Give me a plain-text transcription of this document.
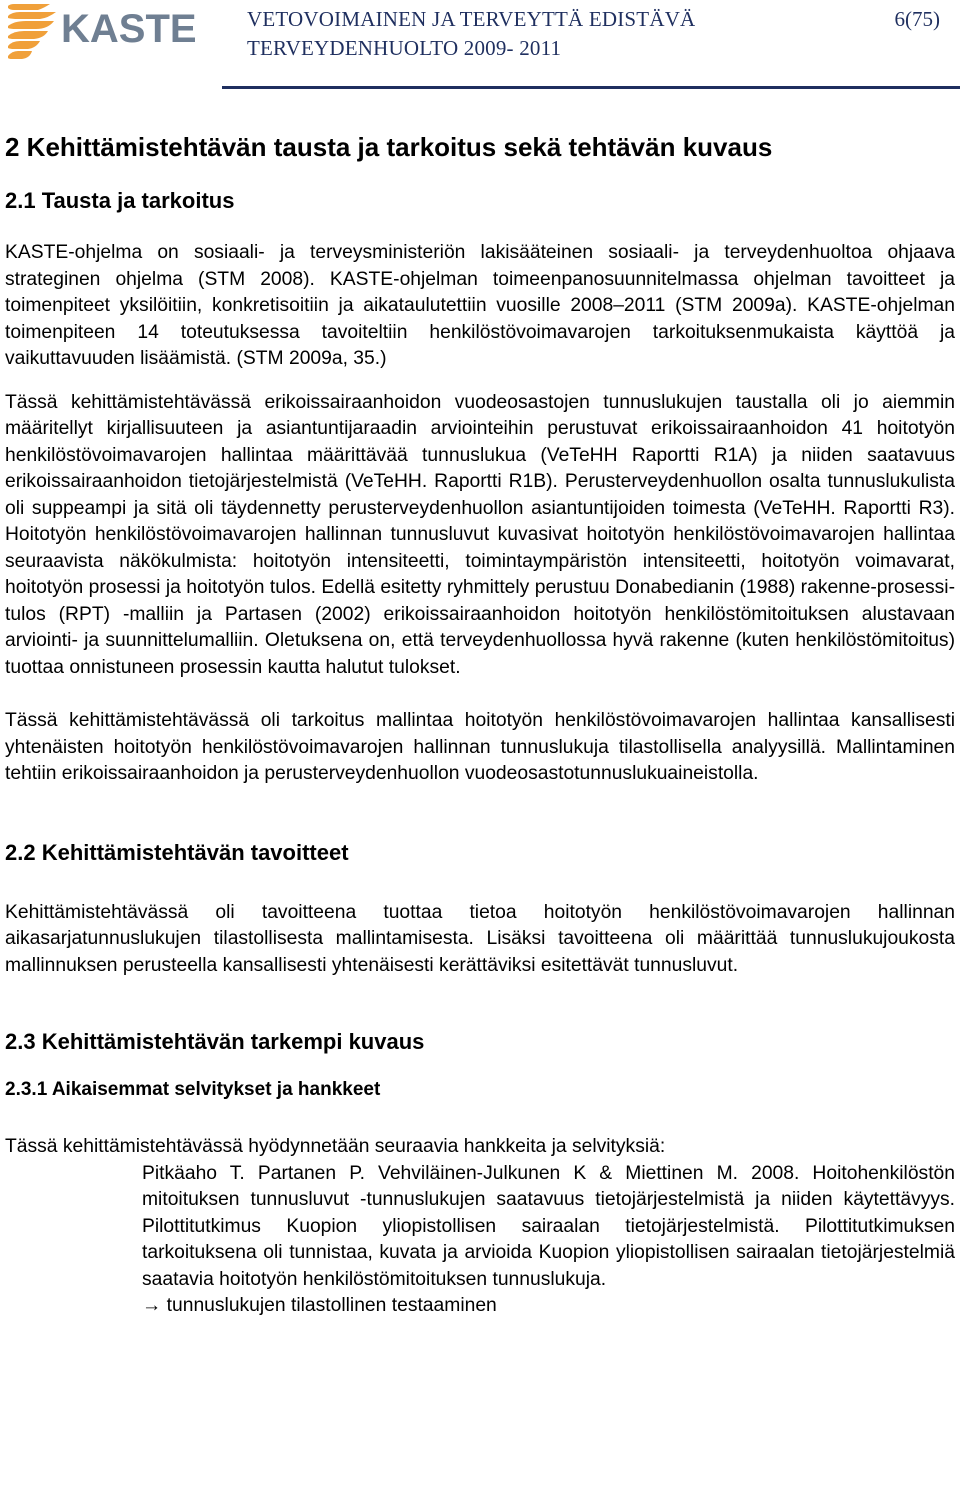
KASTE VETOVOIMAINEN JA TERVEYTTÄ EDISTÄVÄ
TERVEYDENHUOLTO 2009- 2011
6(75)
2 Kehittämistehtävän tausta ja tarkoitus sekä tehtävän kuvaus
2.1 Tausta ja tarkoitus

KASTE-ohjelma on sosiaali- ja terveysministeriön lakisääteinen sosiaali- ja terveydenhuoltoa ohjaava strateginen ohjelma (STM 2008). KASTE-ohjelman toimeenpanosuunnitelmassa ohjelman tavoitteet ja toimenpiteet yksilöitiin, konkretisoitiin ja aikataulutettiin vuosille 2008–2011 (STM 2009a). KASTE-ohjelman toimenpiteen 14 toteutuksessa tavoiteltiin henkilöstövoimavarojen tarkoituksenmukaista käyttöä ja vaikuttavuuden lisäämistä. (STM 2009a, 35.)

Tässä kehittämistehtävässä erikoissairaanhoidon vuodeosastojen tunnuslukujen taustalla oli jo aiemmin määritellyt kirjallisuuteen ja asiantuntijaraadin arviointeihin perustuvat erikoissairaanhoidon 41 hoitotyön henkilöstövoimavarojen hallintaa määrittävää tunnuslukua (VeTeHH Raportti R1A) ja niiden saatavuus erikoissairaanhoidon tietojärjestelmistä (VeTeHH. Raportti R1B). Perusterveydenhuollon osalta tunnuslukulista oli suppeampi ja sitä oli täydennetty perusterveydenhuollon asiantuntijoiden toimesta (VeTeHH. Raportti R3). Hoitotyön henkilöstövoimavarojen hallinnan tunnusluvut kuvasivat hoitotyön henkilöstövoimavarojen hallintaa seuraavista näkökulmista: hoitotyön intensiteetti, toimintaympäristön intensiteetti, hoitotyön voimavarat, hoitotyön prosessi ja hoitotyön tulos. Edellä esitetty ryhmittely perustuu Donabedianin (1988) rakenne-prosessi-tulos (RPT) -malliin ja Partasen (2002) erikoissairaanhoidon hoitotyön henkilöstömitoituksen alustavaan arviointi- ja suunnittelumalliin. Oletuksena on, että terveydenhuollossa hyvä rakenne (kuten henkilöstömitoitus) tuottaa onnistuneen prosessin kautta halutut tulokset.

Tässä kehittämistehtävässä oli tarkoitus mallintaa hoitotyön henkilöstövoimavarojen hallintaa kansallisesti yhtenäisten hoitotyön henkilöstövoimavarojen hallinnan tunnuslukuja tilastollisella analyysillä. Mallintaminen tehtiin erikoissairaanhoidon ja perusterveydenhuollon vuodeosastotunnuslukuaineistolla.

2.2 Kehittämistehtävän tavoitteet

Kehittämistehtävässä oli tavoitteena tuottaa tietoa hoitotyön henkilöstövoimavarojen hallinnan aikasarjatunnuslukujen tilastollisesta mallintamisesta. Lisäksi tavoitteena oli määrittää tunnuslukujoukosta mallinnuksen perusteella kansallisesti yhtenäisesti kerättäviksi esitettävät tunnusluvut.

2.3 Kehittämistehtävän tarkempi kuvaus
2.3.1 Aikaisemmat selvitykset ja hankkeet

Tässä kehittämistehtävässä hyödynnetään seuraavia hankkeita ja selvityksiä:

Pitkäaho T. Partanen P. Vehviläinen-Julkunen K & Miettinen M. 2008. Hoitohenkilöstön mitoituksen tunnusluvut -tunnuslukujen saatavuus tietojärjestelmistä ja niiden käytettävyys. Pilottitutkimus Kuopion yliopistollisen sairaalan tietojärjestelmistä. Pilottitutkimuksen tarkoituksena oli tunnistaa, kuvata ja arvioida Kuopion yliopistollisen sairaalan tietojärjestelmiä saatavia hoitotyön henkilöstömitoituksen tunnuslukuja.

→ tunnuslukujen tilastollinen testaaminen
